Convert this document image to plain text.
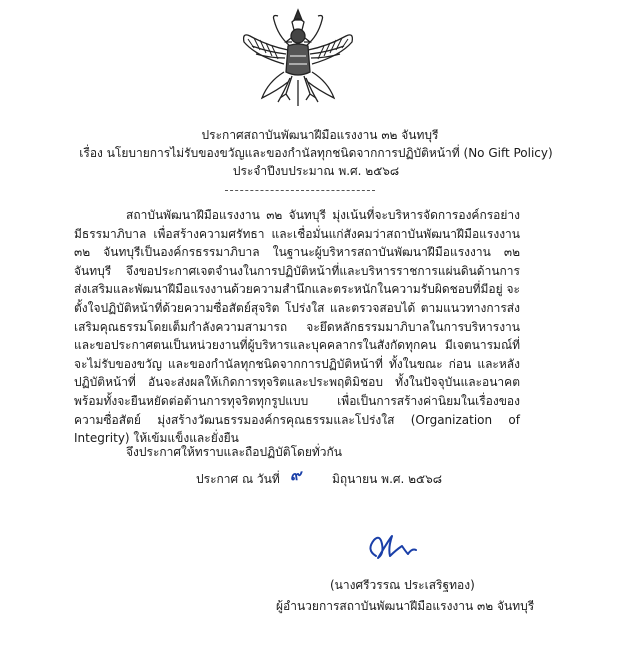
ประกาศสถาบันพัฒนาฝีมือแรงงาน ๓๒ จันทบุรี
เรื่อง นโยบายการไม่รับของขวัญและของกำนัลทุกชนิดจากการปฏิบัติหน้าที่ (No Gift Policy)
ประจำปีงบประมาณ พ.ศ. ๒๕๖๘
สถาบันพัฒนาฝีมือแรงงาน ๓๒ จันทบุรี มุ่งเน้นที่จะบริหารจัดการองค์กรอย่างมีธรรมาภิบาล เพื่อสร้างความศรัทธา และเชื่อมั่นแก่สังคมว่าสถาบันพัฒนาฝีมือแรงงาน ๓๒ จันทบุรีเป็นองค์กรธรรมาภิบาล ในฐานะผู้บริหารสถาบันพัฒนาฝีมือแรงงาน ๓๒ จันทบุรี จึงขอประกาศเจตจำนงในการปฏิบัติหน้าที่และบริหารราชการแผ่นดินด้านการส่งเสริมและพัฒนาฝีมือแรงงานด้วยความสำนึกและตระหนักในความรับผิดชอบที่มีอยู่ จะตั้งใจปฏิบัติหน้าที่ด้วยความซื่อสัตย์สุจริต โปร่งใส และตรวจสอบได้ ตามแนวทางการส่งเสริมคุณธรรมโดยเต็มกำลังความสามารถ จะยึดหลักธรรมมาภิบาลในการบริหารงาน และขอประกาศตนเป็นหน่วยงานที่ผู้บริหารและบุคคลากรในสังกัดทุกคน มีเจตนารมณ์ที่จะไม่รับของขวัญ และของกำนัลทุกชนิดจากการปฏิบัติหน้าที่ ทั้งในขณะ ก่อน และหลังปฏิบัติหน้าที่ อันจะส่งผลให้เกิดการทุจริตและประพฤติมิชอบ ทั้งในปัจจุบันและอนาคต พร้อมทั้งจะยืนหยัดต่อต้านการทุจริตทุกรูปแบบ เพื่อเป็นการสร้างค่านิยมในเรื่องของความซื่อสัตย์ มุ่งสร้างวัฒนธรรมองค์กรคุณธรรมและโปร่งใส (Organization of Integrity) ให้เข้มแข็งและยั่งยืน
จึงประกาศให้ทราบและถือปฏิบัติโดยทั่วกัน
ประกาศ ณ วันที่ ๙	มิถุนายน พ.ศ. ๒๕๖๘
(นางศรีวรรณ ประเสริฐทอง)
ผู้อำนวยการสถาบันพัฒนาฝีมือแรงงาน ๓๒ จันทบุรี
